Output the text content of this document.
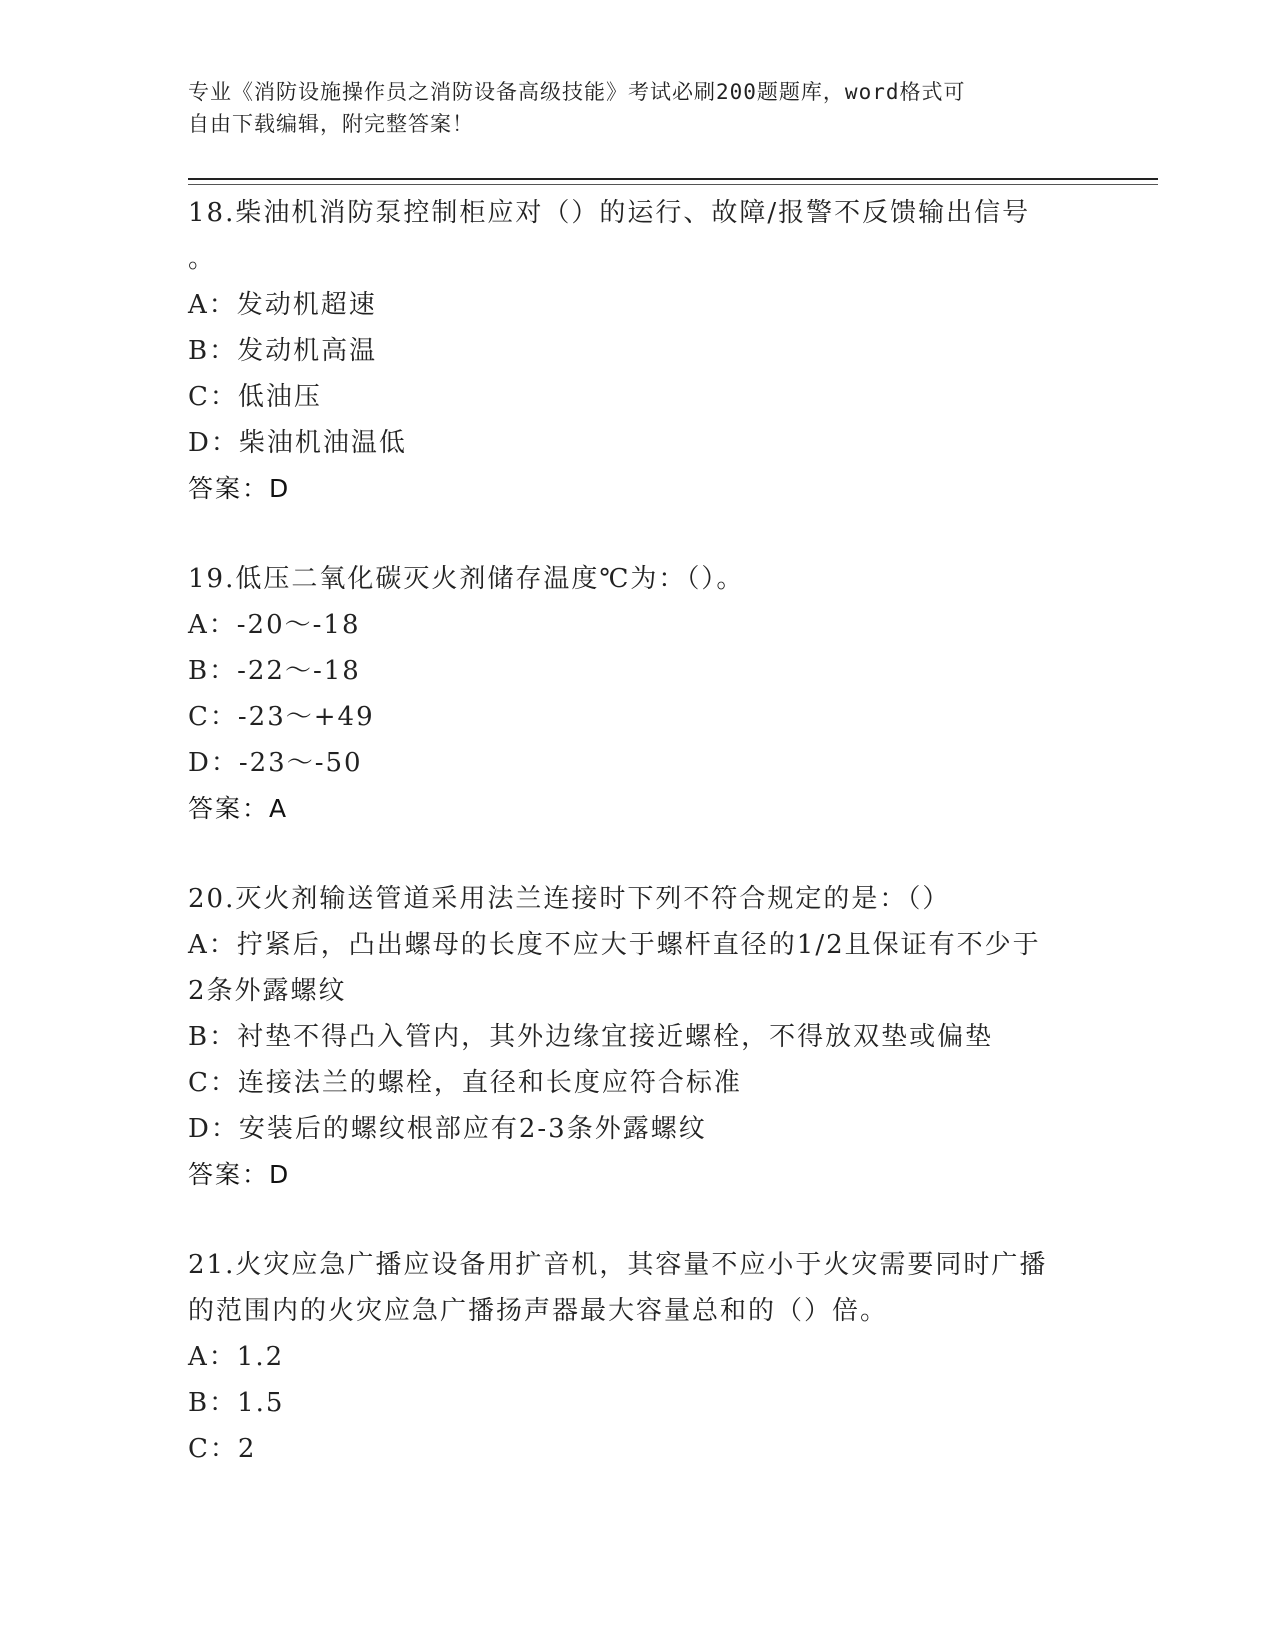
专业《消防设施操作员之消防设备高级技能》考试必刷200题题库，word格式可
自由下载编辑，附完整答案！

18.柴油机消防泵控制柜应对（）的运行、故障/报警不反馈输出信号

。

A：发动机超速

B：发动机高温

C：低油压

D：柴油机油温低

答案：D

19.低压二氧化碳灭火剂储存温度℃为：（）。

A：-20～-18

B：-22～-18

C：-23～+49

D：-23～-50

答案：A

20.灭火剂输送管道采用法兰连接时下列不符合规定的是：（）

A：拧紧后，凸出螺母的长度不应大于螺杆直径的1/2且保证有不少于

2条外露螺纹

B：衬垫不得凸入管内，其外边缘宜接近螺栓，不得放双垫或偏垫

C：连接法兰的螺栓，直径和长度应符合标准

D：安装后的螺纹根部应有2-3条外露螺纹

答案：D

21.火灾应急广播应设备用扩音机，其容量不应小于火灾需要同时广播

的范围内的火灾应急广播扬声器最大容量总和的（）倍。

A：1.2

B：1.5

C：2
